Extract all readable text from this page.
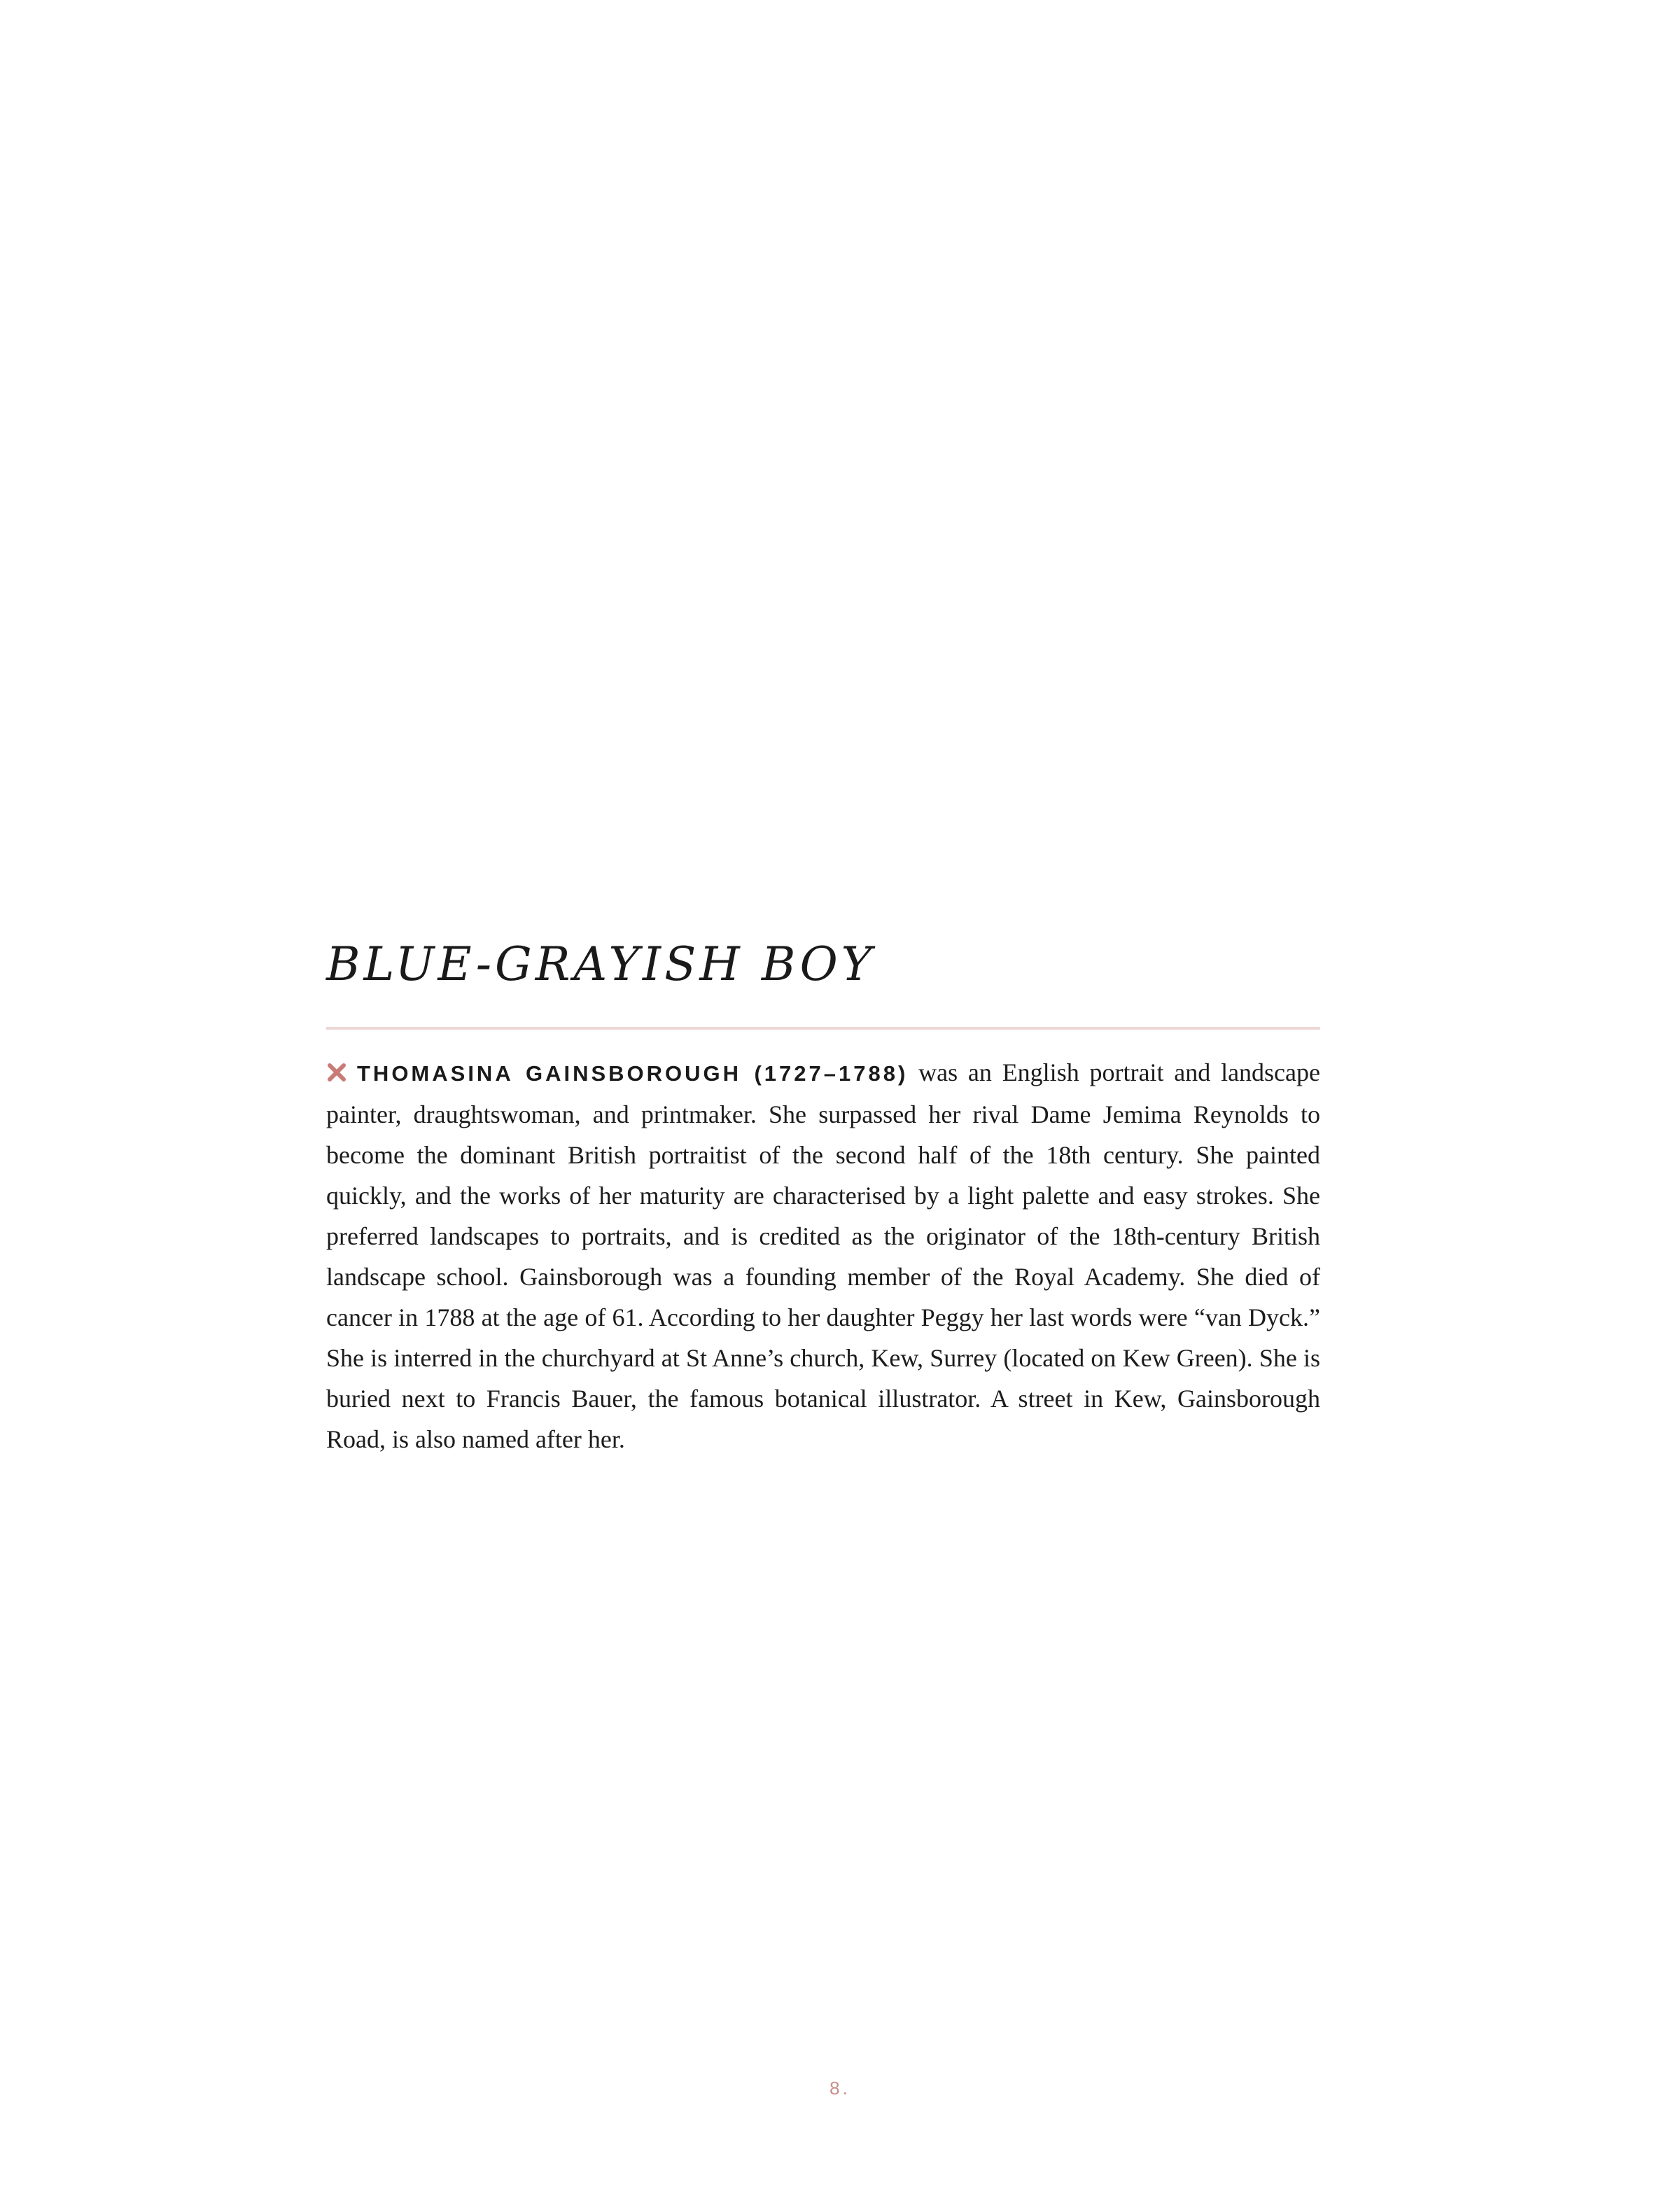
BLUE-GRAYISH BOY

THOMASINA GAINSBOROUGH (1727–1788) was an English portrait and landscape painter, draughtswoman, and printmaker. She surpassed her rival Dame Jemima Reynolds to become the dominant British portraitist of the second half of the 18th century. She painted quickly, and the works of her maturity are characterised by a light palette and easy strokes. She preferred landscapes to portraits, and is credited as the originator of the 18th-century British landscape school. Gainsborough was a founding member of the Royal Academy. She died of cancer in 1788 at the age of 61. According to her daughter Peggy her last words were “van Dyck.” She is interred in the churchyard at St Anne’s church, Kew, Surrey (located on Kew Green). She is buried next to Francis Bauer, the famous botanical illustrator. A street in Kew, Gainsborough Road, is also named after her.

8.
